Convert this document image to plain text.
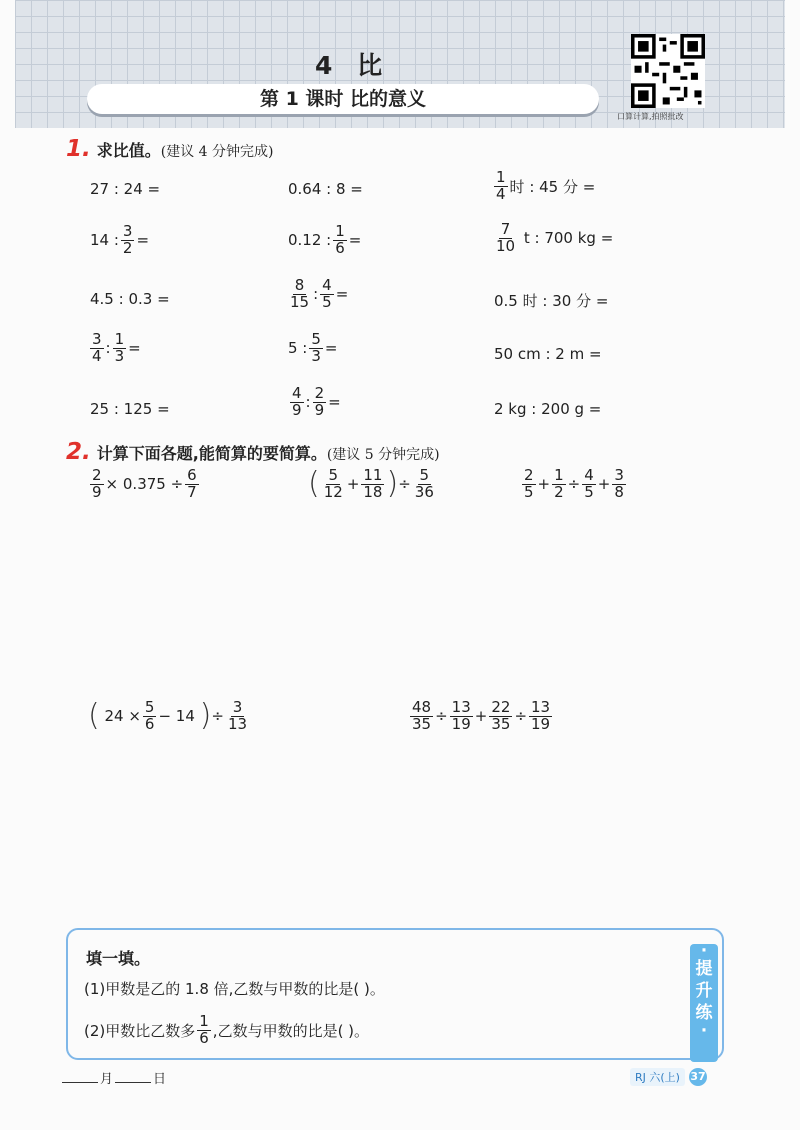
4 比
第 1 课时 比的意义
口算计算,拍照批改
1. 求比值。 (建议 4 分钟完成)
27 : 24 =	0.64 : 8 =	$\frac{1}{4}$ 时 : 45 分 =
14 : $\frac{3}{2}$ =	0.12 : $\frac{1}{6}$ =	$\frac{7}{10}$ t : 700 kg =
4.5 : 0.3 =	$\frac{8}{15}$ : $\frac{4}{5}$ =	0.5 时 : 30 分 =
$\frac{3}{4}$ : $\frac{1}{3}$ =	5 : $\frac{5}{3}$ =	50 cm : 2 m =
25 : 125 =	$\frac{4}{9}$ : $\frac{2}{9}$ =	2 kg : 200 g =
2. 计算下面各题,能简算的要简算。 (建议 5 分钟完成)
$\frac{2}{9} \times 0.375 \div \frac{6}{7}$	( $\frac{5}{12} + \frac{11}{18}$ ) ÷ $\frac{5}{36}$	$\frac{2}{5} + \frac{1}{2} \div \frac{4}{5} + \frac{3}{8}$
( $24 \times \frac{5}{6} - 14$ ) ÷ $\frac{3}{13}$	$\frac{48}{35} \div \frac{13}{19} + \frac{22}{35} \div \frac{13}{19}$
填一填。
(1)甲数是乙的 1.8 倍,乙数与甲数的比是( )。
(2)甲数比乙数多 $\frac{1}{6}$ ,乙数与甲数的比是( )。
·
提
升
练
·
月	日	RJ 六(上) 37
